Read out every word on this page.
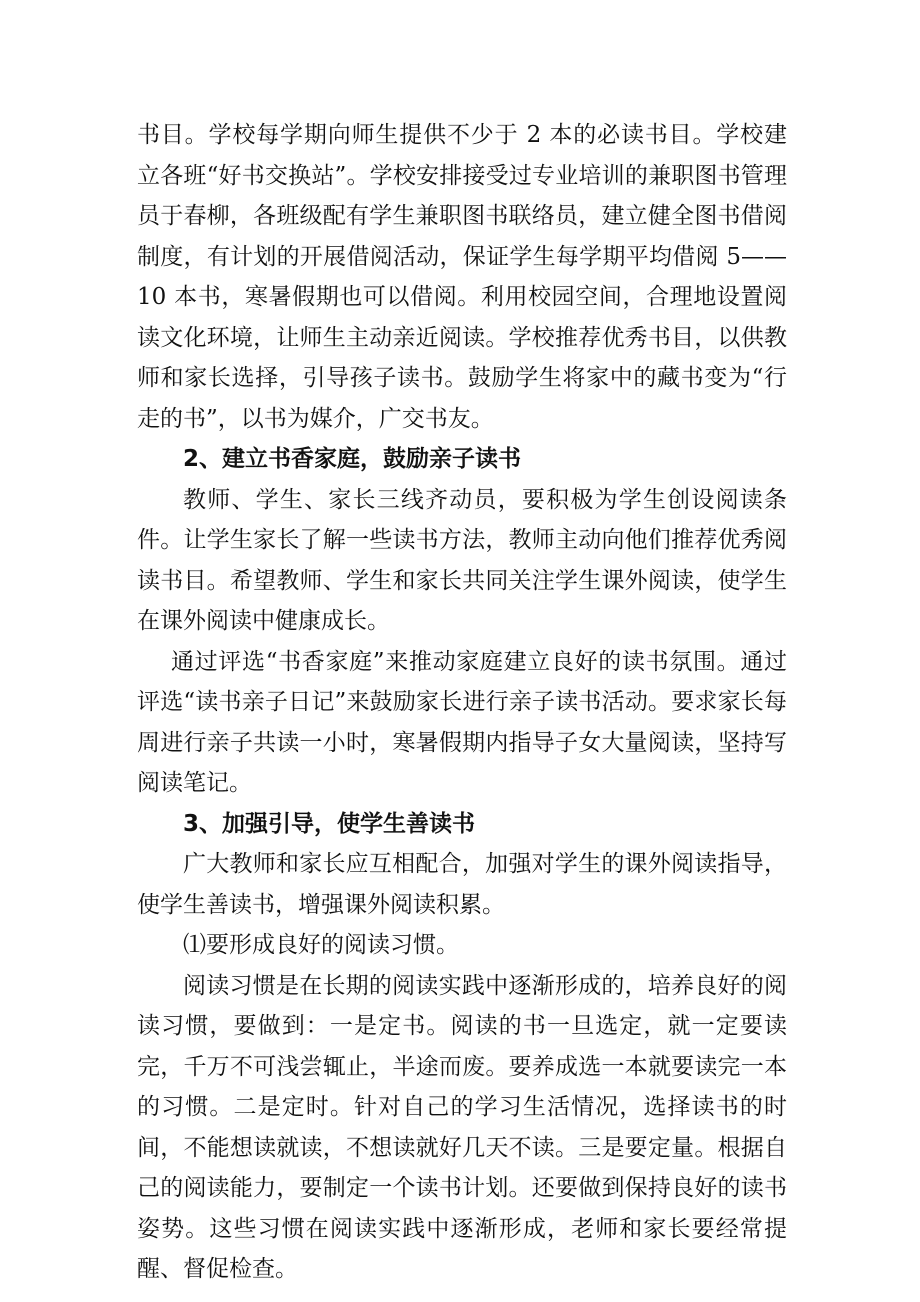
书目。学校每学期向师生提供不少于 2 本的必读书目。学校建立各班“好书交换站”。学校安排接受过专业培训的兼职图书管理员于春柳，各班级配有学生兼职图书联络员，建立健全图书借阅制度，有计划的开展借阅活动，保证学生每学期平均借阅 5——10 本书，寒暑假期也可以借阅。利用校园空间，合理地设置阅读文化环境，让师生主动亲近阅读。学校推荐优秀书目，以供教师和家长选择，引导孩子读书。鼓励学生将家中的藏书变为“行走的书”，以书为媒介，广交书友。

2、建立书香家庭，鼓励亲子读书

教师、学生、家长三线齐动员，要积极为学生创设阅读条件。让学生家长了解一些读书方法，教师主动向他们推荐优秀阅读书目。希望教师、学生和家长共同关注学生课外阅读，使学生在课外阅读中健康成长。

通过评选“书香家庭”来推动家庭建立良好的读书氛围。通过评选“读书亲子日记”来鼓励家长进行亲子读书活动。要求家长每周进行亲子共读一小时，寒暑假期内指导子女大量阅读，坚持写阅读笔记。

3、加强引导，使学生善读书

广大教师和家长应互相配合，加强对学生的课外阅读指导，使学生善读书，增强课外阅读积累。

⑴要形成良好的阅读习惯。

阅读习惯是在长期的阅读实践中逐渐形成的，培养良好的阅读习惯，要做到：一是定书。阅读的书一旦选定，就一定要读完，千万不可浅尝辄止，半途而废。要养成选一本就要读完一本的习惯。二是定时。针对自己的学习生活情况，选择读书的时间，不能想读就读，不想读就好几天不读。三是要定量。根据自己的阅读能力，要制定一个读书计划。还要做到保持良好的读书姿势。这些习惯在阅读实践中逐渐形成，老师和家长要经常提醒、督促检查。
